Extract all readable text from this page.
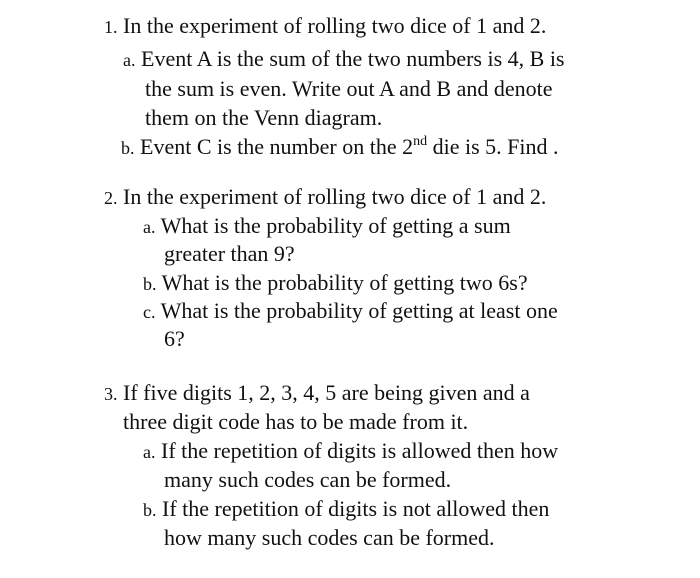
1. In the experiment of rolling two dice of 1 and 2.
a. Event A is the sum of the two numbers is 4, B is
the sum is even. Write out A and B and denote
them on the Venn diagram.
b. Event C is the number on the 2nd die is 5. Find .
2. In the experiment of rolling two dice of 1 and 2.
a. What is the probability of getting a sum
greater than 9?
b. What is the probability of getting two 6s?
c. What is the probability of getting at least one
6?
3. If five digits 1, 2, 3, 4, 5 are being given and a
three digit code has to be made from it.
a. If the repetition of digits is allowed then how
many such codes can be formed.
b. If the repetition of digits is not allowed then
how many such codes can be formed.
